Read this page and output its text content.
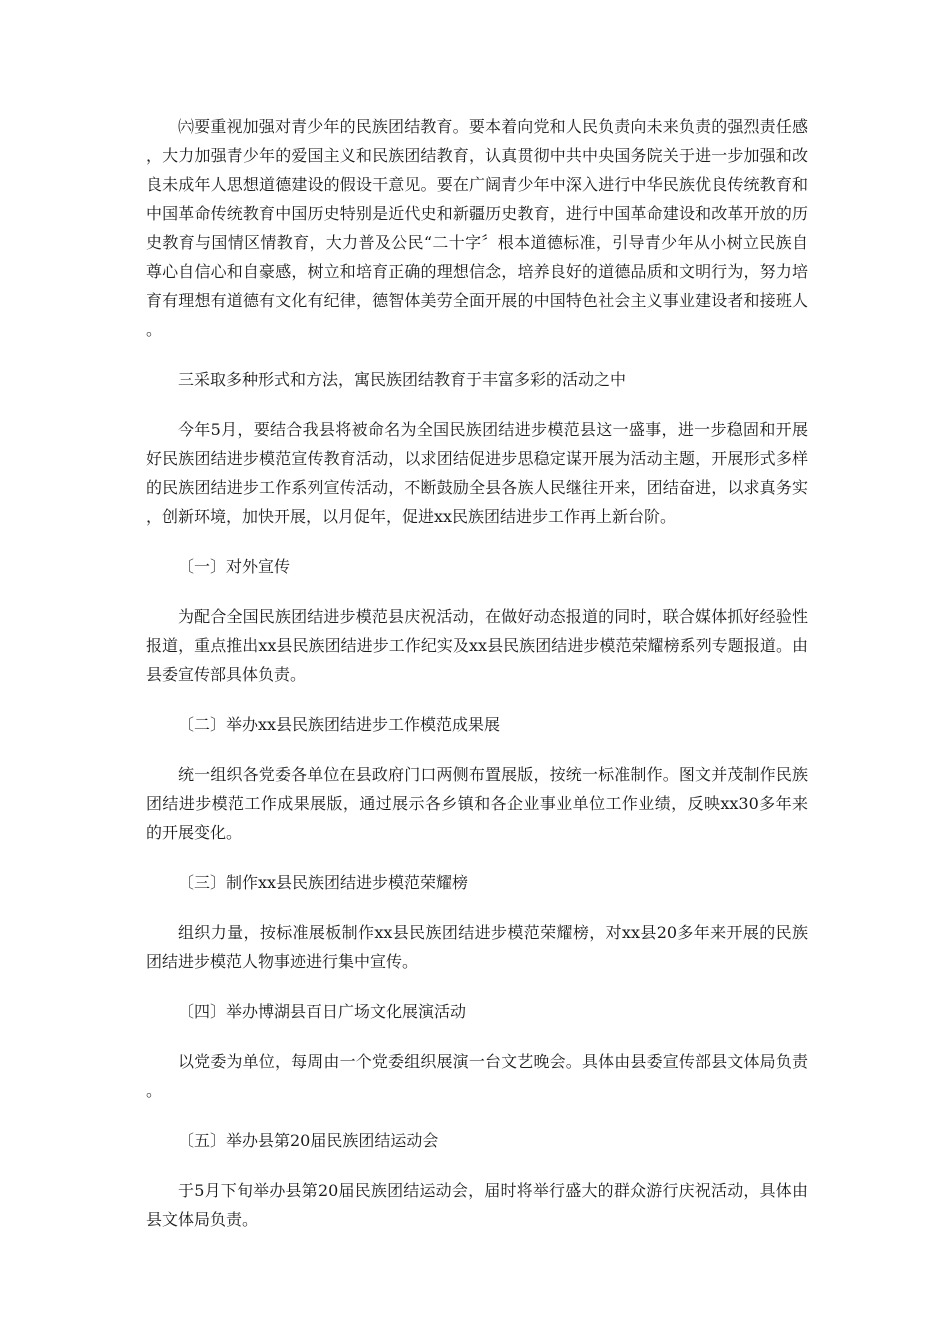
㈥要重视加强对青少年的民族团结教育。要本着向党和人民负责向未来负责的强烈责任感，大力加强青少年的爱国主义和民族团结教育，认真贯彻中共中央国务院关于进一步加强和改良未成年人思想道德建设的假设干意见。要在广阔青少年中深入进行中华民族优良传统教育和中国革命传统教育中国历史特别是近代史和新疆历史教育，进行中国革命建设和改革开放的历史教育与国情区情教育，大力普及公民“二十字〞根本道德标准，引导青少年从小树立民族自尊心自信心和自豪感，树立和培育正确的理想信念，培养良好的道德品质和文明行为，努力培育有理想有道德有文化有纪律，德智体美劳全面开展的中国特色社会主义事业建设者和接班人。

三采取多种形式和方法，寓民族团结教育于丰富多彩的活动之中

今年5月，要结合我县将被命名为全国民族团结进步模范县这一盛事，进一步稳固和开展好民族团结进步模范宣传教育活动，以求团结促进步思稳定谋开展为活动主题，开展形式多样的民族团结进步工作系列宣传活动，不断鼓励全县各族人民继往开来，团结奋进，以求真务实，创新环境，加快开展，以月促年，促进xx民族团结进步工作再上新台阶。

〔一〕对外宣传

为配合全国民族团结进步模范县庆祝活动，在做好动态报道的同时，联合媒体抓好经验性报道，重点推出xx县民族团结进步工作纪实及xx县民族团结进步模范荣耀榜系列专题报道。由县委宣传部具体负责。

〔二〕举办xx县民族团结进步工作模范成果展

统一组织各党委各单位在县政府门口两侧布置展版，按统一标准制作。图文并茂制作民族团结进步模范工作成果展版，通过展示各乡镇和各企业事业单位工作业绩，反映xx30多年来的开展变化。

〔三〕制作xx县民族团结进步模范荣耀榜

组织力量，按标准展板制作xx县民族团结进步模范荣耀榜，对xx县20多年来开展的民族团结进步模范人物事迹进行集中宣传。

〔四〕举办博湖县百日广场文化展演活动

以党委为单位，每周由一个党委组织展演一台文艺晚会。具体由县委宣传部县文体局负责。

〔五〕举办县第20届民族团结运动会

于5月下旬举办县第20届民族团结运动会，届时将举行盛大的群众游行庆祝活动，具体由县文体局负责。
